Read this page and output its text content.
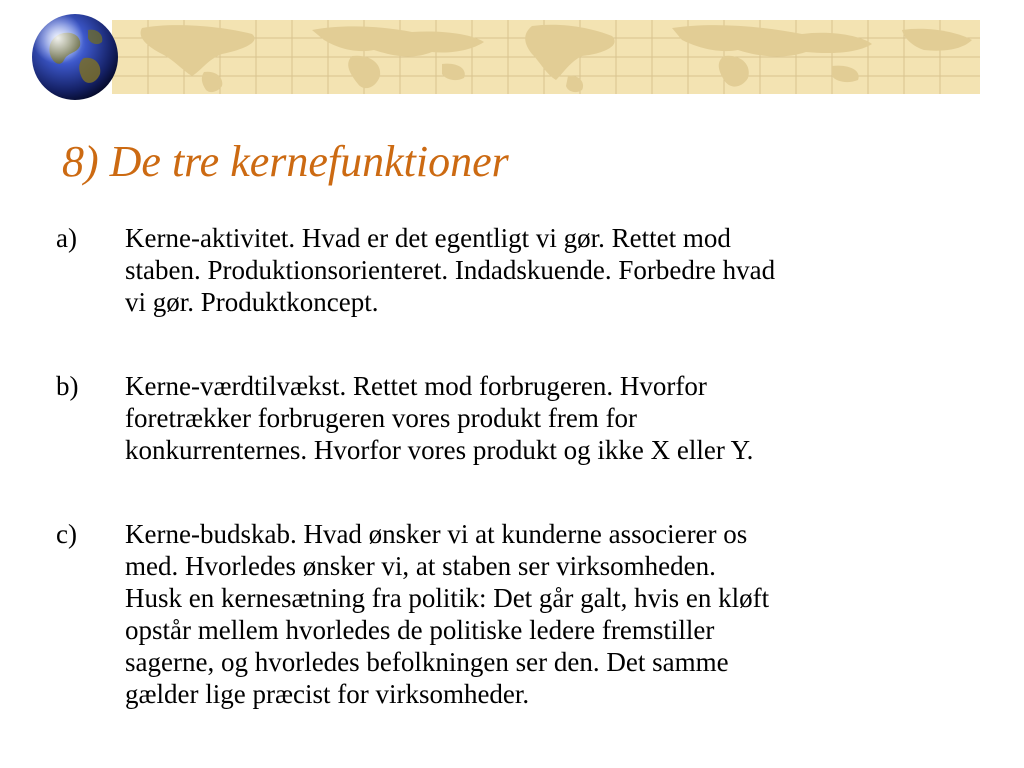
8) De tre kernefunktioner
a) Kerne-aktivitet. Hvad er det egentligt vi gør. Rettet mod
staben. Produktionsorienteret. Indadskuende. Forbedre hvad
vi gør. Produktkoncept.

b) Kerne-værdtilvækst. Rettet mod forbrugeren. Hvorfor
foretrækker forbrugeren vores produkt frem for
konkurrenternes. Hvorfor vores produkt og ikke X eller Y.

c) Kerne-budskab. Hvad ønsker vi at kunderne associerer os
med. Hvorledes ønsker vi, at staben ser virksomheden.
Husk en kernesætning fra politik: Det går galt, hvis en kløft
opstår mellem hvorledes de politiske ledere fremstiller
sagerne, og hvorledes befolkningen ser den. Det samme
gælder lige præcist for virksomheder.
